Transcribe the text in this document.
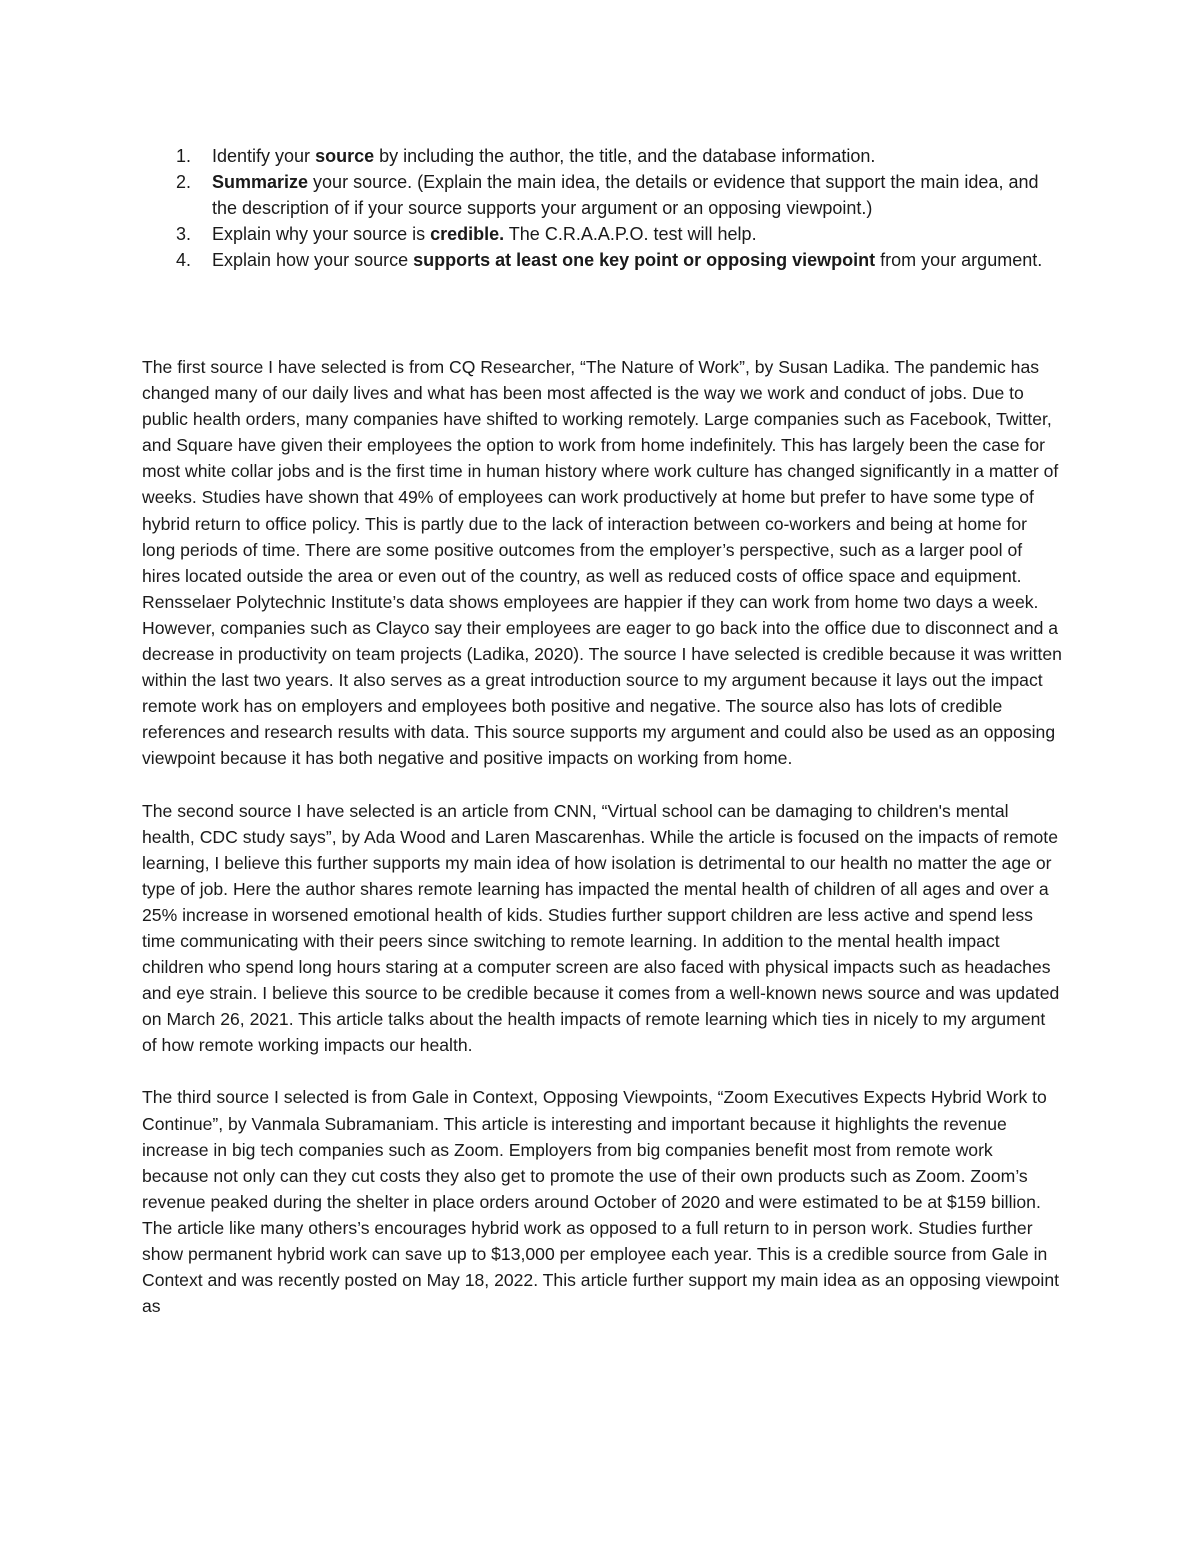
1. Identify your source by including the author, the title, and the database information.
2. Summarize your source. (Explain the main idea, the details or evidence that support the main idea, and the description of if your source supports your argument or an opposing viewpoint.)
3. Explain why your source is credible. The C.R.A.A.P.O. test will help.
4. Explain how your source supports at least one key point or opposing viewpoint from your argument.

The first source I have selected is from CQ Researcher, “The Nature of Work”, by Susan Ladika. The pandemic has changed many of our daily lives and what has been most affected is the way we work and conduct of jobs. Due to public health orders, many companies have shifted to working remotely. Large companies such as Facebook, Twitter, and Square have given their employees the option to work from home indefinitely. This has largely been the case for most white collar jobs and is the first time in human history where work culture has changed significantly in a matter of weeks. Studies have shown that 49% of employees can work productively at home but prefer to have some type of hybrid return to office policy. This is partly due to the lack of interaction between co-workers and being at home for long periods of time. There are some positive outcomes from the employer’s perspective, such as a larger pool of hires located outside the area or even out of the country, as well as reduced costs of office space and equipment. Rensselaer Polytechnic Institute’s data shows employees are happier if they can work from home two days a week. However, companies such as Clayco say their employees are eager to go back into the office due to disconnect and a decrease in productivity on team projects (Ladika, 2020). The source I have selected is credible because it was written within the last two years. It also serves as a great introduction source to my argument because it lays out the impact remote work has on employers and employees both positive and negative. The source also has lots of credible references and research results with data. This source supports my argument and could also be used as an opposing viewpoint because it has both negative and positive impacts on working from home.

The second source I have selected is an article from CNN, “Virtual school can be damaging to children's mental health, CDC study says”, by Ada Wood and Laren Mascarenhas. While the article is focused on the impacts of remote learning, I believe this further supports my main idea of how isolation is detrimental to our health no matter the age or type of job. Here the author shares remote learning has impacted the mental health of children of all ages and over a 25% increase in worsened emotional health of kids. Studies further support children are less active and spend less time communicating with their peers since switching to remote learning. In addition to the mental health impact children who spend long hours staring at a computer screen are also faced with physical impacts such as headaches and eye strain. I believe this source to be credible because it comes from a well-known news source and was updated on March 26, 2021. This article talks about the health impacts of remote learning which ties in nicely to my argument of how remote working impacts our health.

The third source I selected is from Gale in Context, Opposing Viewpoints, “Zoom Executives Expects Hybrid Work to Continue”, by Vanmala Subramaniam. This article is interesting and important because it highlights the revenue increase in big tech companies such as Zoom. Employers from big companies benefit most from remote work because not only can they cut costs they also get to promote the use of their own products such as Zoom. Zoom’s revenue peaked during the shelter in place orders around October of 2020 and were estimated to be at $159 billion. The article like many others’s encourages hybrid work as opposed to a full return to in person work. Studies further show permanent hybrid work can save up to $13,000 per employee each year. This is a credible source from Gale in Context and was recently posted on May 18, 2022. This article further support my main idea as an opposing viewpoint as
